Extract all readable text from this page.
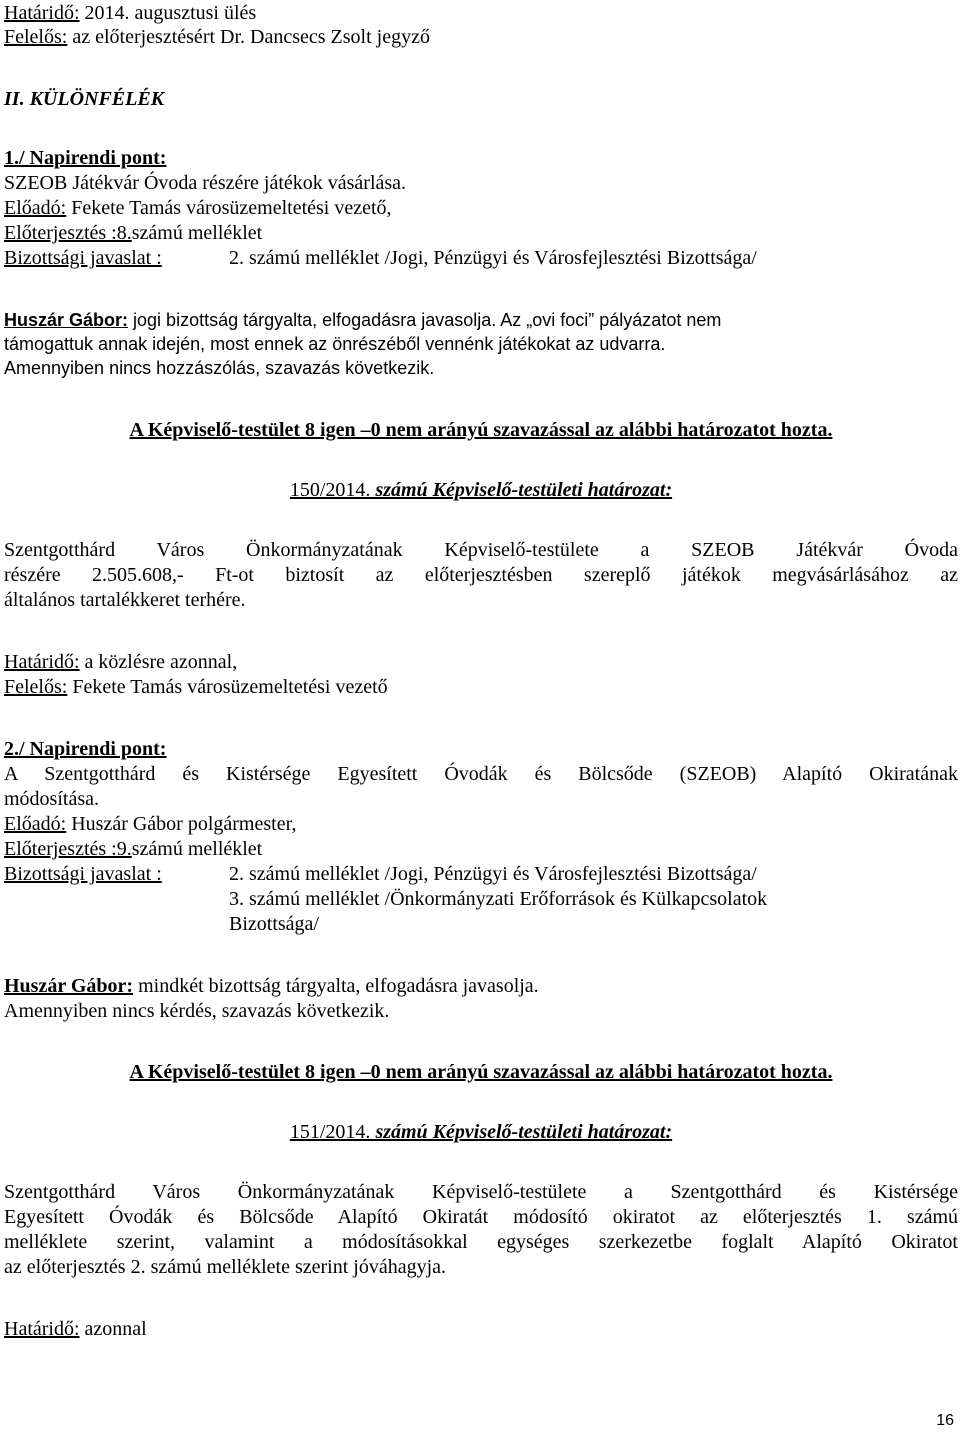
Határidő: 2014. augusztusi ülés
Felelős: az előterjesztésért Dr. Dancsecs Zsolt jegyző
II. KÜLÖNFÉLÉK
1./ Napirendi pont:
SZEOB Játékvár Óvoda részére játékok vásárlása.
Előadó: Fekete Tamás városüzemeltetési vezető,
Előterjesztés :8.számú melléklet
Bizottsági javaslat :	2. számú melléklet /Jogi, Pénzügyi és Városfejlesztési Bizottsága/
Huszár Gábor: jogi bizottság tárgyalta, elfogadásra javasolja. Az „ovi foci” pályázatot nem
támogattuk annak idején, most ennek az önrészéből vennénk játékokat az udvarra.
Amennyiben nincs hozzászólás, szavazás következik.
A Képviselő-testület 8 igen –0 nem arányú szavazással az alábbi határozatot hozta.
150/2014. számú Képviselő-testületi határozat:
Szentgotthárd Város Önkormányzatának Képviselő-testülete a SZEOB Játékvár Óvoda
részére 2.505.608,- Ft-ot biztosít az előterjesztésben szereplő játékok megvásárlásához az
általános tartalékkeret terhére.
Határidő: a közlésre azonnal,
Felelős: Fekete Tamás városüzemeltetési vezető
2./ Napirendi pont:
A Szentgotthárd és Kistérsége Egyesített Óvodák és Bölcsőde (SZEOB) Alapító Okiratának
módosítása.
Előadó: Huszár Gábor polgármester,
Előterjesztés :9.számú melléklet
Bizottsági javaslat :	2. számú melléklet /Jogi, Pénzügyi és Városfejlesztési Bizottsága/
3. számú melléklet /Önkormányzati Erőforrások és Külkapcsolatok
Bizottsága/
Huszár Gábor: mindkét bizottság tárgyalta, elfogadásra javasolja.
Amennyiben nincs kérdés, szavazás következik.
A Képviselő-testület 8 igen –0 nem arányú szavazással az alábbi határozatot hozta.
151/2014. számú Képviselő-testületi határozat:
Szentgotthárd Város Önkormányzatának Képviselő-testülete a Szentgotthárd és Kistérsége
Egyesített Óvodák és Bölcsőde Alapító Okiratát módosító okiratot az előterjesztés 1. számú
melléklete szerint, valamint a módosításokkal egységes szerkezetbe foglalt Alapító Okiratot
az előterjesztés 2. számú melléklete szerint jóváhagyja.
Határidő: azonnal
16
